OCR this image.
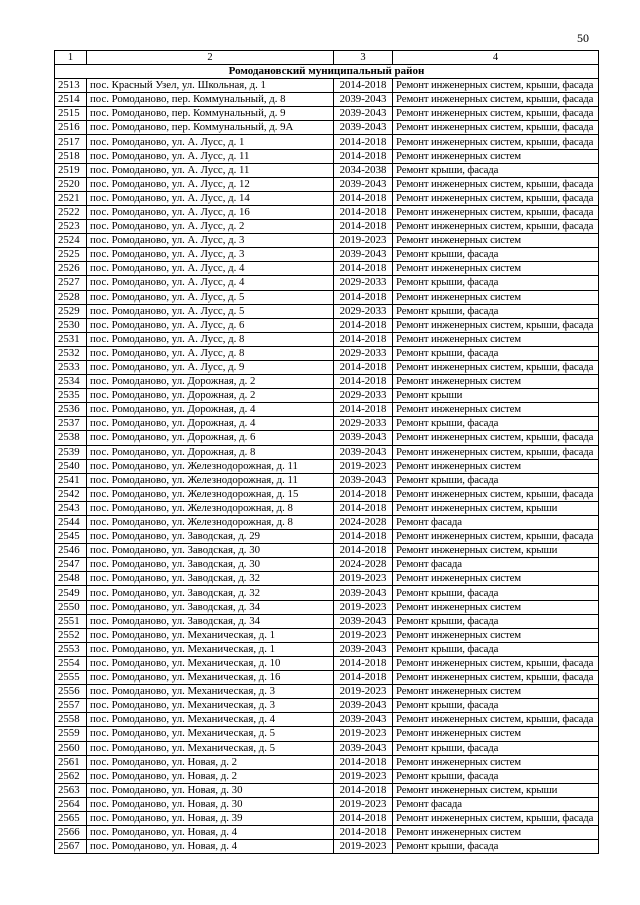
50
1	2	3	4
Ромодановский муниципальный район			
2513	пос. Красный Узел, ул. Школьная, д. 1	2014-2018	Ремонт инженерных систем, крыши, фасада
2514	пос. Ромоданово, пер. Коммунальный, д. 8	2039-2043	Ремонт инженерных систем, крыши, фасада
2515	пос. Ромоданово, пер. Коммунальный, д. 9	2039-2043	Ремонт инженерных систем, крыши, фасада
2516	пос. Ромоданово, пер. Коммунальный, д. 9А	2039-2043	Ремонт инженерных систем, крыши, фасада
2517	пос. Ромоданово, ул. А. Лусс, д. 1	2014-2018	Ремонт инженерных систем, крыши, фасада
2518	пос. Ромоданово, ул. А. Лусс, д. 11	2014-2018	Ремонт инженерных систем
2519	пос. Ромоданово, ул. А. Лусс, д. 11	2034-2038	Ремонт крыши, фасада
2520	пос. Ромоданово, ул. А. Лусс, д. 12	2039-2043	Ремонт инженерных систем, крыши, фасада
2521	пос. Ромоданово, ул. А. Лусс, д. 14	2014-2018	Ремонт инженерных систем, крыши, фасада
2522	пос. Ромоданово, ул. А. Лусс, д. 16	2014-2018	Ремонт инженерных систем, крыши, фасада
2523	пос. Ромоданово, ул. А. Лусс, д. 2	2014-2018	Ремонт инженерных систем, крыши, фасада
2524	пос. Ромоданово, ул. А. Лусс, д. 3	2019-2023	Ремонт инженерных систем
2525	пос. Ромоданово, ул. А. Лусс, д. 3	2039-2043	Ремонт крыши, фасада
2526	пос. Ромоданово, ул. А. Лусс, д. 4	2014-2018	Ремонт инженерных систем
2527	пос. Ромоданово, ул. А. Лусс, д. 4	2029-2033	Ремонт крыши, фасада
2528	пос. Ромоданово, ул. А. Лусс, д. 5	2014-2018	Ремонт инженерных систем
2529	пос. Ромоданово, ул. А. Лусс, д. 5	2029-2033	Ремонт крыши, фасада
2530	пос. Ромоданово, ул. А. Лусс, д. 6	2014-2018	Ремонт инженерных систем, крыши, фасада
2531	пос. Ромоданово, ул. А. Лусс, д. 8	2014-2018	Ремонт инженерных систем
2532	пос. Ромоданово, ул. А. Лусс, д. 8	2029-2033	Ремонт крыши, фасада
2533	пос. Ромоданово, ул. А. Лусс, д. 9	2014-2018	Ремонт инженерных систем, крыши, фасада
2534	пос. Ромоданово, ул. Дорожная, д. 2	2014-2018	Ремонт инженерных систем
2535	пос. Ромоданово, ул. Дорожная, д. 2	2029-2033	Ремонт крыши
2536	пос. Ромоданово, ул. Дорожная, д. 4	2014-2018	Ремонт инженерных систем
2537	пос. Ромоданово, ул. Дорожная, д. 4	2029-2033	Ремонт крыши, фасада
2538	пос. Ромоданово, ул. Дорожная, д. 6	2039-2043	Ремонт инженерных систем, крыши, фасада
2539	пос. Ромоданово, ул. Дорожная, д. 8	2039-2043	Ремонт инженерных систем, крыши, фасада
2540	пос. Ромоданово, ул. Железнодорожная, д. 11	2019-2023	Ремонт инженерных систем
2541	пос. Ромоданово, ул. Железнодорожная, д. 11	2039-2043	Ремонт крыши, фасада
2542	пос. Ромоданово, ул. Железнодорожная, д. 15	2014-2018	Ремонт инженерных систем, крыши, фасада
2543	пос. Ромоданово, ул. Железнодорожная, д. 8	2014-2018	Ремонт инженерных систем, крыши
2544	пос. Ромоданово, ул. Железнодорожная, д. 8	2024-2028	Ремонт фасада
2545	пос. Ромоданово, ул. Заводская, д. 29	2014-2018	Ремонт инженерных систем, крыши, фасада
2546	пос. Ромоданово, ул. Заводская, д. 30	2014-2018	Ремонт инженерных систем, крыши
2547	пос. Ромоданово, ул. Заводская, д. 30	2024-2028	Ремонт фасада
2548	пос. Ромоданово, ул. Заводская, д. 32	2019-2023	Ремонт инженерных систем
2549	пос. Ромоданово, ул. Заводская, д. 32	2039-2043	Ремонт крыши, фасада
2550	пос. Ромоданово, ул. Заводская, д. 34	2019-2023	Ремонт инженерных систем
2551	пос. Ромоданово, ул. Заводская, д. 34	2039-2043	Ремонт крыши, фасада
2552	пос. Ромоданово, ул. Механическая, д. 1	2019-2023	Ремонт инженерных систем
2553	пос. Ромоданово, ул. Механическая, д. 1	2039-2043	Ремонт крыши, фасада
2554	пос. Ромоданово, ул. Механическая, д. 10	2014-2018	Ремонт инженерных систем, крыши, фасада
2555	пос. Ромоданово, ул. Механическая, д. 16	2014-2018	Ремонт инженерных систем, крыши, фасада
2556	пос. Ромоданово, ул. Механическая, д. 3	2019-2023	Ремонт инженерных систем
2557	пос. Ромоданово, ул. Механическая, д. 3	2039-2043	Ремонт крыши, фасада
2558	пос. Ромоданово, ул. Механическая, д. 4	2039-2043	Ремонт инженерных систем, крыши, фасада
2559	пос. Ромоданово, ул. Механическая, д. 5	2019-2023	Ремонт инженерных систем
2560	пос. Ромоданово, ул. Механическая, д. 5	2039-2043	Ремонт крыши, фасада
2561	пос. Ромоданово, ул. Новая, д. 2	2014-2018	Ремонт инженерных систем
2562	пос. Ромоданово, ул. Новая, д. 2	2019-2023	Ремонт крыши, фасада
2563	пос. Ромоданово, ул. Новая, д. 30	2014-2018	Ремонт инженерных систем, крыши
2564	пос. Ромоданово, ул. Новая, д. 30	2019-2023	Ремонт фасада
2565	пос. Ромоданово, ул. Новая, д. 39	2014-2018	Ремонт инженерных систем, крыши, фасада
2566	пос. Ромоданово, ул. Новая, д. 4	2014-2018	Ремонт инженерных систем
2567	пос. Ромоданово, ул. Новая, д. 4	2019-2023	Ремонт крыши, фасада
